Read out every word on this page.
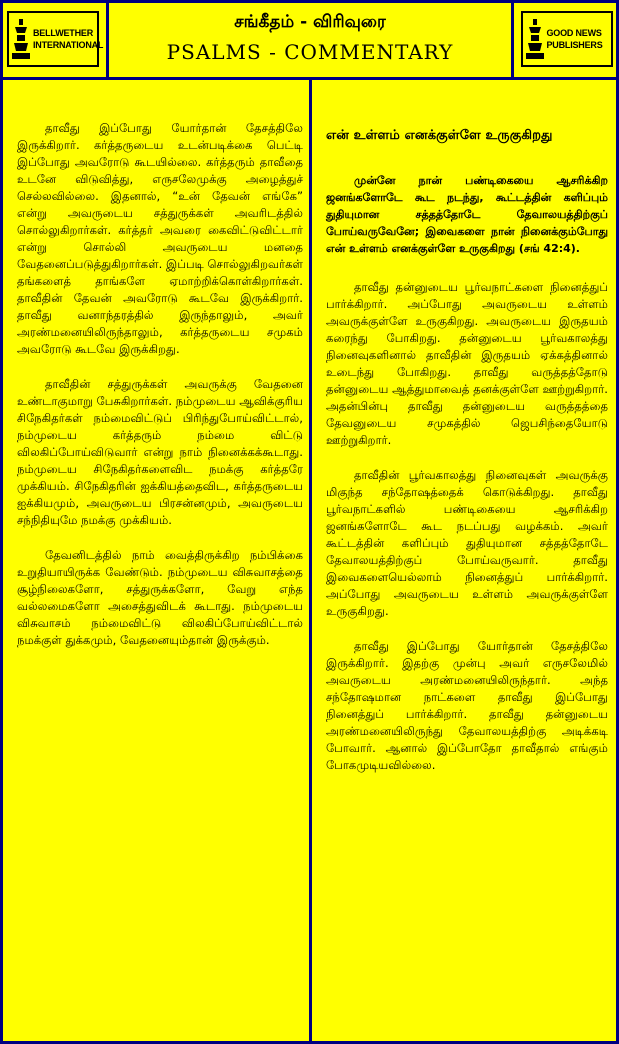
BELLWETHER
INTERNATIONAL
சங்கீதம் - விரிவுரை
PSALMS - COMMENTARY
GOOD NEWS
PUBLISHERS

தாவீது இப்போது யோர்தான் தேசத்திலே இருக்கிறார். கர்த்தருடைய உடன்படிக்கை பெட்டி இப்போது அவரோடு கூடயில்லை. கர்த்தரும் தாவீதை உடனே விடுவித்து, எருசலேமுக்கு அழைத்துச் செல்லவில்லை. இதனால், “உன் தேவன் எங்கே” என்று அவருடைய சத்துருக்கள் அவரிடத்தில் சொல்லுகிறார்கள். கர்த்தர் அவரை கைவிட்டுவிட்டார் என்று சொல்லி அவருடைய மனதை வேதனைப்படுத்துகிறார்கள். இப்படி சொல்லுகிறவர்கள் தங்களைத் தாங்களே ஏமாற்றிக்கொள்கிறார்கள். தாவீதின் தேவன் அவரோடு கூடவே இருக்கிறார். தாவீது வனாந்தரத்தில் இருந்தாலும், அவர் அரண்மனையிலிருந்தாலும், கர்த்தருடைய சமுகம் அவரோடு கூடவே இருக்கிறது.

தாவீதின் சத்துருக்கள் அவருக்கு வேதனை உண்டாகுமாறு பேசுகிறார்கள். நம்முடைய ஆவிக்குரிய சிநேகிதர்கள் நம்மைவிட்டுப் பிரிந்துபோய்விட்டால், நம்முடைய கர்த்தரும் நம்மை விட்டு விலகிப்போய்விடுவார் என்று நாம் நினைக்கக்கூடாது. நம்முடைய சிநேகிதர்களைவிட நமக்கு கர்த்தரே முக்கியம். சிநேகிதரின் ஐக்கியத்தைவிட, கர்த்தருடைய ஐக்கியமும், அவருடைய பிரசன்னமும், அவருடைய சந்நிதியுமே நமக்கு முக்கியம்.

தேவனிடத்தில் நாம் வைத்திருக்கிற நம்பிக்கை உறுதியாயிருக்க வேண்டும். நம்முடைய விசுவாசத்தை சூழ்நிலைகளோ, சத்துருக்களோ, வேறு எந்த வல்லமைகளோ அசைத்துவிடக் கூடாது. நம்முடைய விசுவாசம் நம்மைவிட்டு விலகிப்போய்விட்டால் நமக்குள் துக்கமும், வேதனையும்தான் இருக்கும்.

என் உள்ளம் எனக்குள்ளே உருகுகிறது

முன்னே நான் பண்டிகையை ஆசரிக்கிற ஜனங்களோடே கூட நடந்து, கூட்டத்தின் களிப்பும் துதியுமான சத்தத்தோடே தேவாலயத்திற்குப் போய்வருவேனே; இவைகளை நான் நினைக்கும்போது என் உள்ளம் எனக்குள்ளே உருகுகிறது (சங் 42:4).

தாவீது தன்னுடைய பூர்வநாட்களை நினைத்துப் பார்க்கிறார். அப்போது அவருடைய உள்ளம் அவருக்குள்ளே உருகுகிறது. அவருடைய இருதயம் கரைந்து போகிறது. தன்னுடைய பூர்வகாலத்து நினைவுகளினால் தாவீதின் இருதயம் ஏக்கத்தினால் உடைந்து போகிறது. தாவீது வருத்தத்தோடு தன்னுடைய ஆத்துமாவைத் தனக்குள்ளே ஊற்றுகிறார். அதன்பின்பு தாவீது தன்னுடைய வருத்தத்தை தேவனுடைய சமுகத்தில் ஜெபசிந்தையோடு ஊற்றுகிறார்.

தாவீதின் பூர்வகாலத்து நினைவுகள் அவருக்கு மிகுந்த சந்தோஷத்தைக் கொடுக்கிறது. தாவீது பூர்வநாட்களில் பண்டிகையை ஆசரிக்கிற ஜனங்களோடே கூட நடப்பது வழக்கம். அவர் கூட்டத்தின் களிப்பும் துதியுமான சத்தத்தோடே தேவாலயத்திற்குப் போய்வருவார். தாவீது இவைகளையெல்லாம் நினைத்துப் பார்க்கிறார். அப்போது அவருடைய உள்ளம் அவருக்குள்ளே உருகுகிறது.

தாவீது இப்போது யோர்தான் தேசத்திலே இருக்கிறார். இதற்கு முன்பு அவர் எருசலேமில் அவருடைய அரண்மனையிலிருந்தார். அந்த சந்தோஷமான நாட்களை தாவீது இப்போது நினைத்துப் பார்க்கிறார். தாவீது தன்னுடைய அரண்மனையிலிருந்து தேவாலயத்திற்கு அடிக்கடி போவார். ஆனால் இப்போதோ தாவீதால் எங்கும் போகமுடியவில்லை.
